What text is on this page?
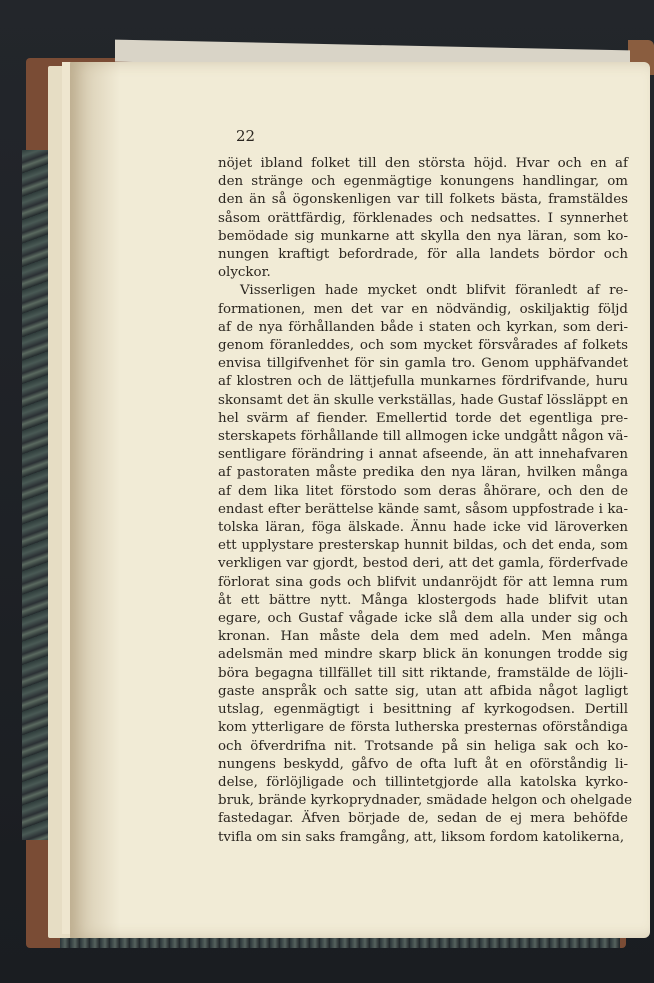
22
nöjet ibland folket till den största höjd. Hvar och en af
den stränge och egenmägtige konungens handlingar, om
den än så ögonskenligen var till folkets bästa, framstäldes
såsom orättfärdig, förklenades och nedsattes. I synnerhet
bemödade sig munkarne att skylla den nya läran, som ko-
nungen kraftigt befordrade, för alla landets bördor och
olyckor.
Visserligen hade mycket ondt blifvit föranledt af re-
formationen, men det var en nödvändig, oskiljaktig följd
af de nya förhållanden både i staten och kyrkan, som deri-
genom föranleddes, och som mycket försvårades af folkets
envisa tillgifvenhet för sin gamla tro. Genom upphäfvandet
af klostren och de lättjefulla munkarnes fördrifvande, huru
skonsamt det än skulle verkställas, hade Gustaf lössläppt en
hel svärm af fiender. Emellertid torde det egentliga pre-
sterskapets förhållande till allmogen icke undgått någon vä-
sentligare förändring i annat afseende, än att innehafvaren
af pastoraten måste predika den nya läran, hvilken många
af dem lika litet förstodo som deras åhörare, och den de
endast efter berättelse kände samt, såsom uppfostrade i ka-
tolska läran, föga älskade. Ännu hade icke vid läroverken
ett upplystare presterskap hunnit bildas, och det enda, som
verkligen var gjordt, bestod deri, att det gamla, förderfvade
förlorat sina gods och blifvit undanröjdt för att lemna rum
åt ett bättre nytt. Många klostergods hade blifvit utan
egare, och Gustaf vågade icke slå dem alla under sig och
kronan. Han måste dela dem med adeln. Men många
adelsmän med mindre skarp blick än konungen trodde sig
böra begagna tillfället till sitt riktande, framstälde de löjli-
gaste anspråk och satte sig, utan att afbida något lagligt
utslag, egenmägtigt i besittning af kyrkogodsen. Dertill
kom ytterligare de första lutherska presternas oförståndiga
och öfverdrifna nit. Trotsande på sin heliga sak och ko-
nungens beskydd, gåfvo de ofta luft åt en oförståndig li-
delse, förlöjligade och tillintetgjorde alla katolska kyrko-
bruk, brände kyrkoprydnader, smädade helgon och ohelgade
fastedagar. Äfven började de, sedan de ej mera behöfde
tvifla om sin saks framgång, att, liksom fordom katolikerna,
